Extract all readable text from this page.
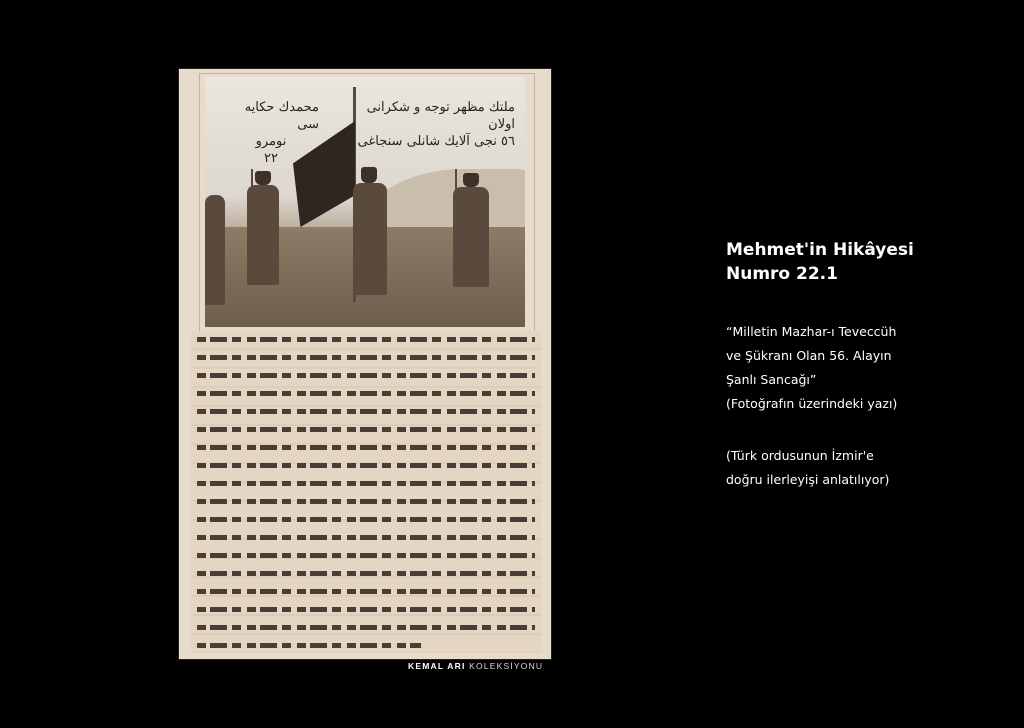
محمدك حكايه سى
نومرو
٢٢
ملتك مظهر توجه و شكرانى اولان
٥٦ نجى آلايك شانلى سنجاغى
KEMAL ARI KOLEKSİYONU
Mehmet'in Hikâyesi
Numro 22.1
“Milletin Mazhar-ı Teveccüh
ve Şükranı Olan 56. Alayın
Şanlı Sancağı”
(Fotoğrafın üzerindeki yazı)
(Türk ordusunun İzmir'e
doğru ilerleyişi anlatılıyor)
